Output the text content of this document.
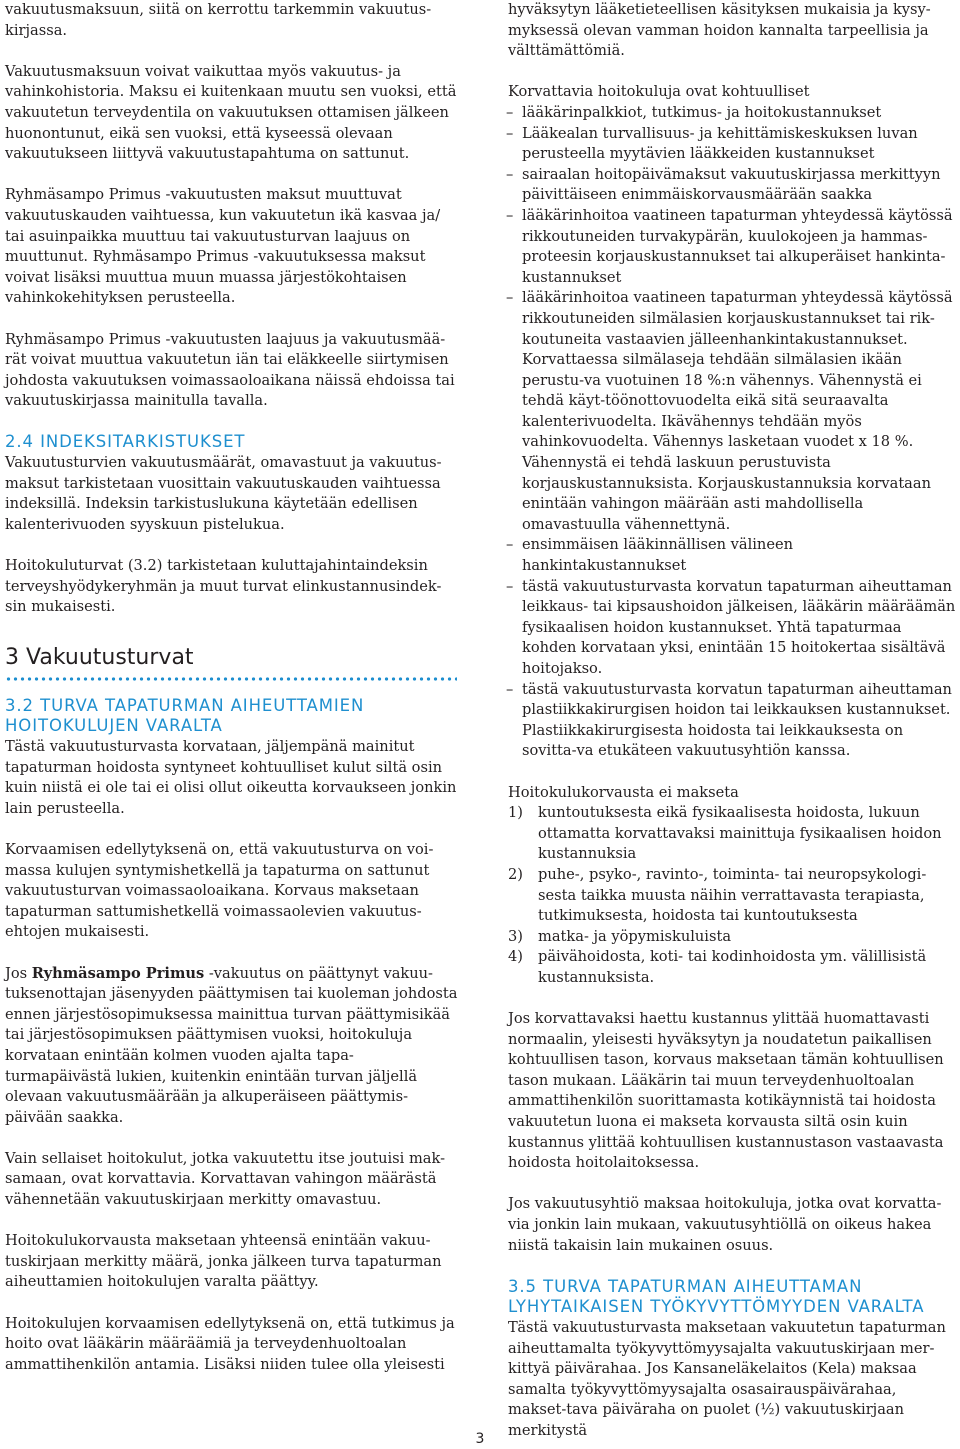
vakuutusmaksuun, siitä on kerrottu tarkemmin vakuutus-kirjassa.

Vakuutusmaksuun voivat vaikuttaa myös vakuutus- ja vahinkohistoria. Maksu ei kuitenkaan muutu sen vuoksi, että vakuutetun terveydentila on vakuutuksen ottamisen jälkeen huonontunut, eikä sen vuoksi, että kyseessä olevaan vakuutukseen liittyvä vakuutustapahtuma on sattunut.

Ryhmäsampo Primus -vakuutusten maksut muuttuvat vakuutuskauden vaihtuessa, kun vakuutetun ikä kasvaa ja/ tai asuinpaikka muuttuu tai vakuutusturvan laajuus on muuttunut. Ryhmäsampo Primus -vakuutuksessa maksut voivat lisäksi muuttua muun muassa järjestökohtaisen vahinkokehityksen perusteella.

Ryhmäsampo Primus -vakuutusten laajuus ja vakuutusmää-rät voivat muuttua vakuutetun iän tai eläkkeelle siirtymisen johdosta vakuutuksen voimassaoloaikana näissä ehdoissa tai vakuutuskirjassa mainitulla tavalla.

2.4 INDEKSITARKISTUKSET

Vakuutusturvien vakuutusmäärät, omavastuut ja vakuutus-maksut tarkistetaan vuosittain vakuutuskauden vaihtuessa indeksillä. Indeksin tarkistuslukuna käytetään edellisen kalenterivuoden syyskuun pistelukua.

Hoitokuluturvat (3.2) tarkistetaan kuluttajahintaindeksin terveyshyödykeryhmän ja muut turvat elinkustannusindek-sin mukaisesti.

3 Vakuutusturvat
3.2 TURVA TAPATURMAN AIHEUTTAMIEN
HOITOKULUJEN VARALTA

Tästä vakuutusturvasta korvataan, jäljempänä mainitut tapaturman hoidosta syntyneet kohtuulliset kulut siltä osin kuin niistä ei ole tai ei olisi ollut oikeutta korvaukseen jonkin lain perusteella.

Korvaamisen edellytyksenä on, että vakuutusturva on voi-massa kulujen syntymishetkellä ja tapaturma on sattunut vakuutusturvan voimassaoloaikana. Korvaus maksetaan tapaturman sattumishetkellä voimassaolevien vakuutus-ehtojen mukaisesti.

Jos Ryhmäsampo Primus -vakuutus on päättynyt vakuu-tuksenottajan jäsenyyden päättymisen tai kuoleman johdosta ennen järjestösopimuksessa mainittua turvan päättymisikää tai järjestösopimuksen päättymisen vuoksi, hoitokuluja korvataan enintään kolmen vuoden ajalta tapa-turmapäivästä lukien, kuitenkin enintään turvan jäljellä olevaan vakuutusmäärään ja alkuperäiseen päättymis-päivään saakka.

Vain sellaiset hoitokulut, jotka vakuutettu itse joutuisi mak-samaan, ovat korvattavia. Korvattavan vahingon määrästä vähennetään vakuutuskirjaan merkitty omavastuu.

Hoitokulukorvausta maksetaan yhteensä enintään vakuu-tuskirjaan merkitty määrä, jonka jälkeen turva tapaturman aiheuttamien hoitokulujen varalta päättyy.

Hoitokulujen korvaamisen edellytyksenä on, että tutkimus ja hoito ovat lääkärin määräämiä ja terveydenhuoltoalan ammattihenkilön antamia. Lisäksi niiden tulee olla yleisesti

hyväksytyn lääketieteellisen käsityksen mukaisia ja kysy-myksessä olevan vamman hoidon kannalta tarpeellisia ja välttämättömiä.

Korvattavia hoitokuluja ovat kohtuulliset
– lääkärinpalkkiot, tutkimus- ja hoitokustannukset
– Lääkealan turvallisuus- ja kehittämiskeskuksen luvan perusteella myytävien lääkkeiden kustannukset
– sairaalan hoitopäivämaksut vakuutuskirjassa merkittyyn päivittäiseen enimmäiskorvausmäärään saakka
– lääkärinhoitoa vaatineen tapaturman yhteydessä käytössä rikkoutuneiden turvakypärän, kuulokojeen ja hammas-proteesin korjauskustannukset tai alkuperäiset hankinta-kustannukset
– lääkärinhoitoa vaatineen tapaturman yhteydessä käytössä rikkoutuneiden silmälasien korjauskustannukset tai rik-koutuneita vastaavien jälleenhankintakustannukset. Korvattaessa silmälaseja tehdään silmälasien ikään perustu-va vuotuinen 18 %:n vähennys. Vähennystä ei tehdä käyt-töönottovuodelta eikä sitä seuraavalta kalenterivuodelta. Ikävähennys tehdään myös vahinkovuodelta. Vähennys lasketaan vuodet x 18 %. Vähennystä ei tehdä laskuun perustuvista korjauskustannuksista. Korjauskustannuksia korvataan enintään vahingon määrään asti mahdollisella omavastuulla vähennettynä.
– ensimmäisen lääkinnällisen välineen hankintakustannukset
– tästä vakuutusturvasta korvatun tapaturman aiheuttaman leikkaus- tai kipsaushoidon jälkeisen, lääkärin määräämän fysikaalisen hoidon kustannukset. Yhtä tapaturmaa kohden korvataan yksi, enintään 15 hoitokertaa sisältävä hoitojakso.
– tästä vakuutusturvasta korvatun tapaturman aiheuttaman plastiikkakirurgisen hoidon tai leikkauksen kustannukset. Plastiikkakirurgisesta hoidosta tai leikkauksesta on sovitta-va etukäteen vakuutusyhtiön kanssa.
Hoitokulukorvausta ei makseta
1) kuntoutuksesta eikä fysikaalisesta hoidosta, lukuun ottamatta korvattavaksi mainittuja fysikaalisen hoidon kustannuksia
2) puhe-, psyko-, ravinto-, toiminta- tai neuropsykologi-sesta taikka muusta näihin verrattavasta terapiasta, tutkimuksesta, hoidosta tai kuntoutuksesta
3) matka- ja yöpymiskuluista
4) päivähoidosta, koti- tai kodinhoidosta ym. välillisistä kustannuksista.

Jos korvattavaksi haettu kustannus ylittää huomattavasti normaalin, yleisesti hyväksytyn ja noudatetun paikallisen kohtuullisen tason, korvaus maksetaan tämän kohtuullisen tason mukaan. Lääkärin tai muun terveydenhuoltoalan ammattihenkilön suorittamasta kotikäynnistä tai hoidosta vakuutetun luona ei makseta korvausta siltä osin kuin kustannus ylittää kohtuullisen kustannustason vastaavasta hoidosta hoitolaitoksessa.

Jos vakuutusyhtiö maksaa hoitokuluja, jotka ovat korvatta-via jonkin lain mukaan, vakuutusyhtiöllä on oikeus hakea niistä takaisin lain mukainen osuus.

3.5 TURVA TAPATURMAN AIHEUTTAMAN
LYHYTAIKAISEN TYÖKYVYTTÖMYYDEN VARALTA

Tästä vakuutusturvasta maksetaan vakuutetun tapaturman aiheuttamalta työkyvyttömyysajalta vakuutuskirjaan mer-kittyä päivärahaa. Jos Kansaneläkelaitos (Kela) maksaa samalta työkyvyttömyysajalta osasairauspäivärahaa, makset-tava päiväraha on puolet (½) vakuutuskirjaan merkitystä

3
